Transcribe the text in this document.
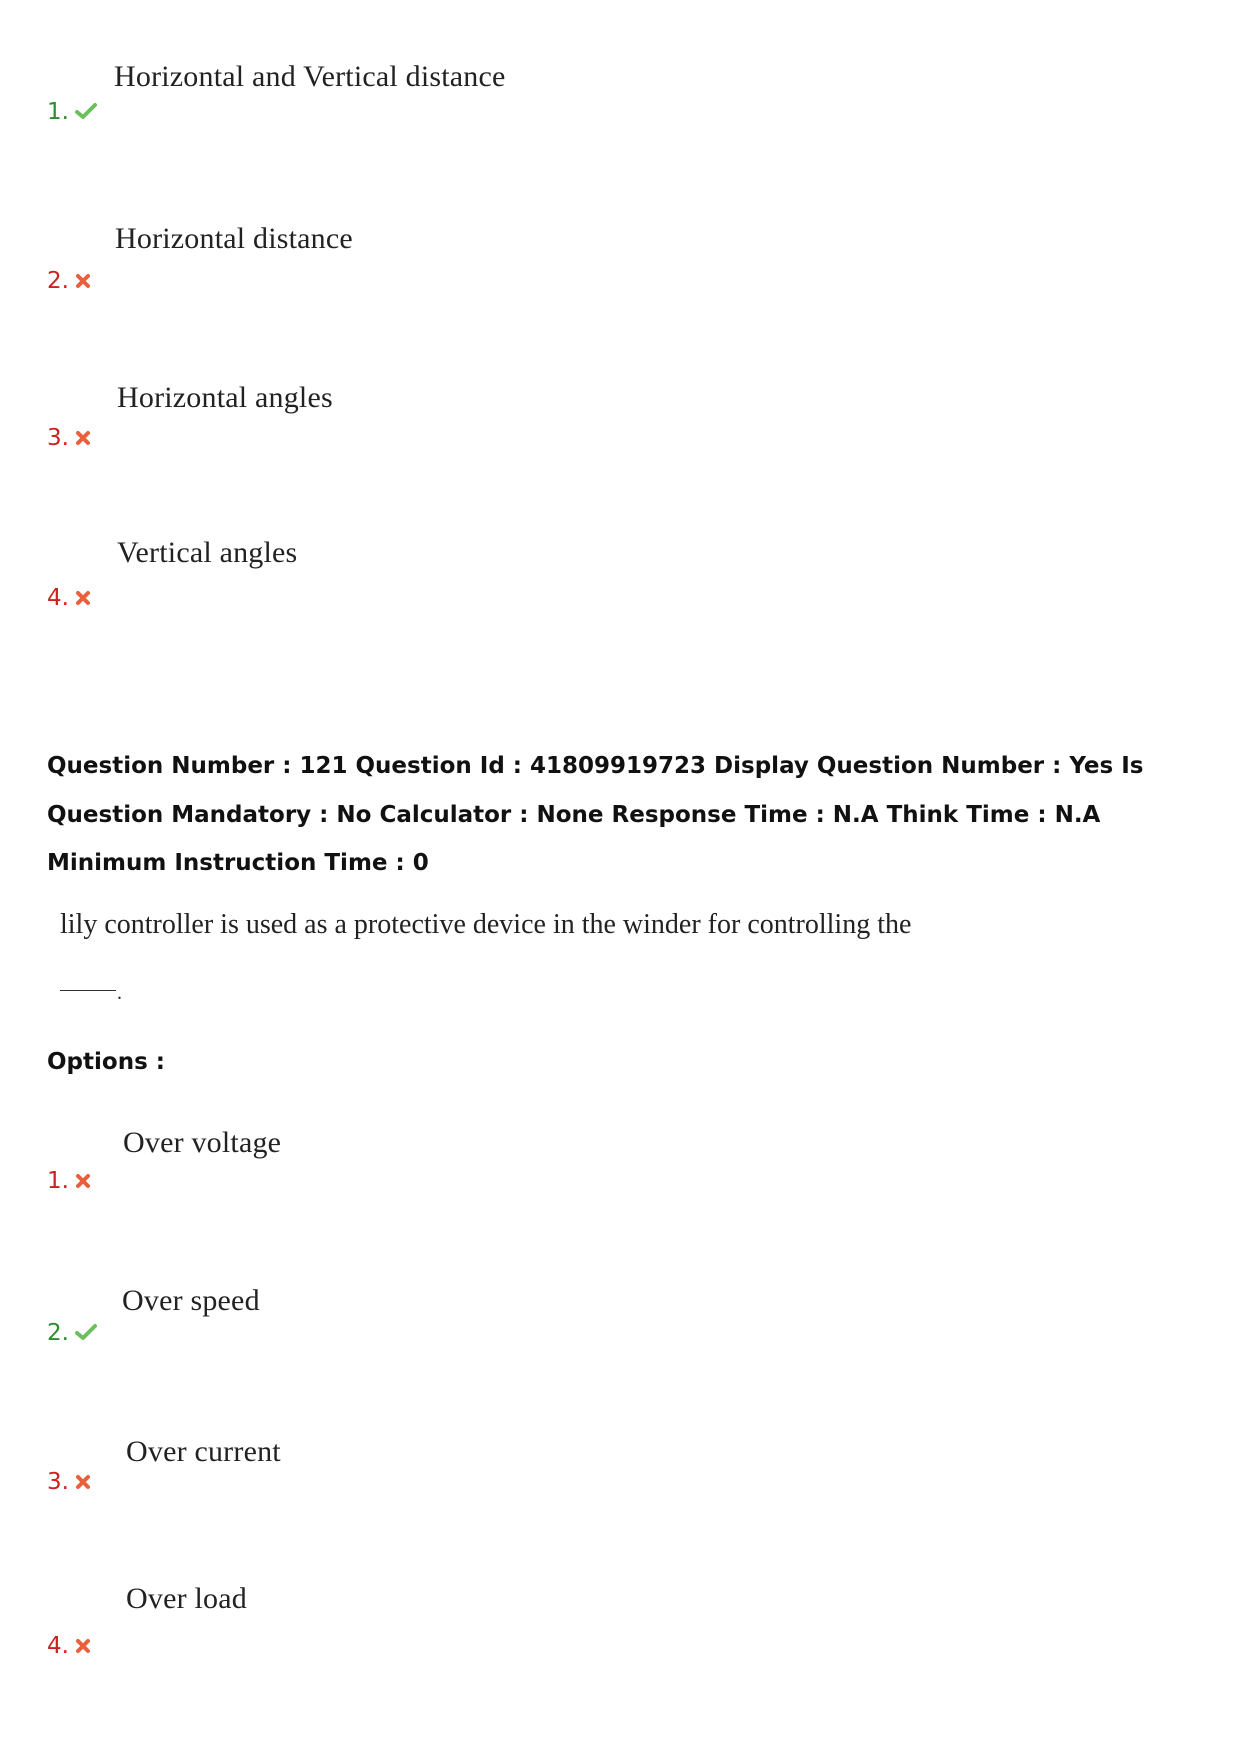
Horizontal and Vertical distance
1.
Horizontal distance
2.
Horizontal angles
3.
Vertical angles
4.

Question Number : 121 Question Id : 41809919723 Display Question Number : Yes Is Question Mandatory : No Calculator : None Response Time : N.A Think Time : N.A Minimum Instruction Time : 0

lily controller is used as a protective device in the winder for controlling the
.
Options :
Over voltage
1.
Over speed
2.
Over current
3.
Over load
4.
